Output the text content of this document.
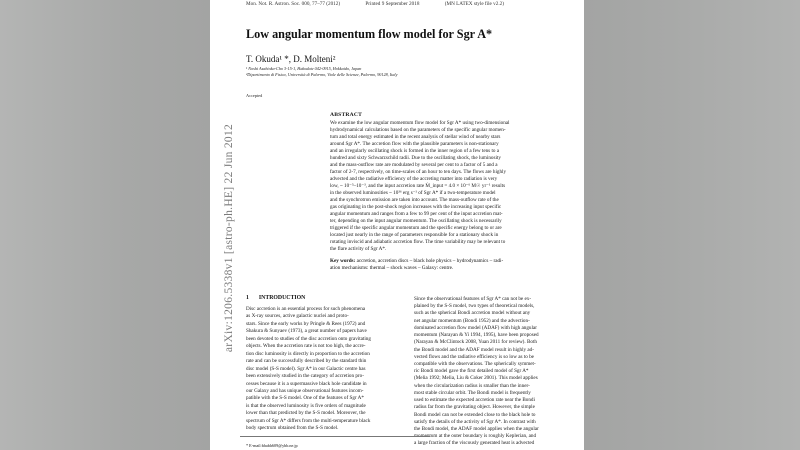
arXiv:1206.5338v1 [astro-ph.HE] 22 Jun 2012
Mon. Not. R. Astron. Soc. 000, 77–77 (2012)	Printed 9 September 2018	(MN LATEX style file v2.2)
Low angular momentum flow model for Sgr A*
T. Okuda¹ *, D. Molteni²
¹ Noshi Asahioka-Cho 3-15-1, Hakodate 042-0915, Hokkaido, Japan
²Dipartimento di Fisica, Università di Palermo, Viale delle Scienze, Palermo, 90128, Italy
Accepted
ABSTRACT
We examine the low angular momentum flow model for Sgr A* using two-dimensional
hydrodynamical calculations based on the parameters of the specific angular momen-
tum and total energy estimated in the recent analysis of stellar wind of nearby stars
around Sgr A*. The accretion flow with the plausible parameters is non-stationary
and an irregularly oscillating shock is formed in the inner region of a few tens to a
hundred and sixty Schwarzschild radii. Due to the oscillating shock, the luminosity
and the mass-outflow rate are modulated by several per cent to a factor of 5 and a
factor of 2-7, respectively, on time-scales of an hour to ten days. The flows are highly
advected and the radiative efficiency of the accreting matter into radiation is very
low, ~ 10⁻⁵–10⁻³, and the input accretion rate Ṁ_input = 4.0 × 10⁻⁶ M☉ yr⁻¹ results
in the observed luminosities ~ 10³⁶ erg s⁻¹ of Sgr A* if a two-temperature model
and the synchrotron emission are taken into account. The mass-outflow rate of the
gas originating in the post-shock region increases with the increasing input specific
angular momentum and ranges from a few to 99 per cent of the input accretion mat-
ter, depending on the input angular momentum. The oscillating shock is necessarily
triggered if the specific angular momentum and the specific energy belong to or are
located just nearly in the range of parameters responsible for a stationary shock in
rotating inviscid and adiabatic accretion flow. The time variability may be relevant to
the flare activity of Sgr A*.
Key words: accretion, accretion discs – black hole physics – hydrodynamics – radi-
ation mechanisms: thermal – shock waves – Galaxy: centre.
1 INTRODUCTION
Disc accretion is an essential process for such phenomena
as X-ray sources, active galactic nuclei and proto-
stars. Since the early works by Pringle & Rees (1972) and
Shakura & Sunyaev (1973), a great number of papers have
been devoted to studies of the disc accretion onto gravitating
objects. When the accretion rate is not too high, the accre-
tion disc luminosity is directly in proportion to the accretion
rate and can be successfully described by the standard thin
disc model (S-S model). Sgr A* in our Galactic centre has
been extensively studied in the category of accretion pro-
cesses because it is a supermassive black hole candidate in
our Galaxy and has unique observational features incom-
patible with the S-S model. One of the features of Sgr A*
is that the observed luminosity is five orders of magnitude
lower than that predicted by the S-S model. Moreover, the
spectrum of Sgr A* differs from the multi-temperature black
body spectrum obtained from the S-S model.
Since the observational features of Sgr A* can not be ex-
plained by the S-S model, two types of theoretical models,
such as the spherical Bondi accretion model without any
net angular momentum (Bondi 1952) and the advection-
dominated accretion flow model (ADAF) with high angular
momentum (Narayan & Yi 1994, 1995), have been proposed
(Narayan & McClintock 2008, Yuan 2011 for review). Both
the Bondi model and the ADAF model result in highly ad-
vected flows and the radiative efficiency is so low as to be
compatible with the observations. The spherically symmet-
ric Bondi model gave the first detailed model of Sgr A*
(Melia 1992; Melia, Liu & Coker 2001). This model applies
when the circularization radius is smaller than the inner-
most stable circular orbit. The Bondi model is frequently
used to estimate the expected accretion rate near the Bondi
radius far from the gravitating object. However, the simple
Bondi model can not be extended close to the black hole to
satisfy the details of the activity of Sgr A*. In contrast with
the Bondi model, the ADAF model applies when the angular
momentum at the outer boundary is roughly Keplerian, and
a large fraction of the viscously generated heat is advected
* E-mail:bhabh609@ybb.ne.jp
